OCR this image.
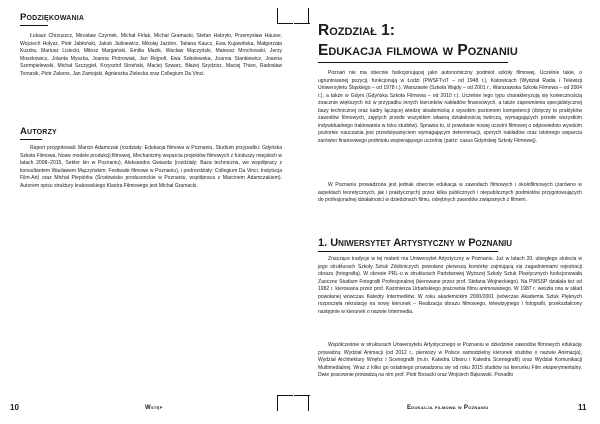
Podziękowania

Łukasz Chrzuszcz, Mirosław Czyrnek, Michał Firlak, Michał Gramacki, Stefan Habryło, Przemysław Häuser, Wojciech Hołysz, Piotr Jabłoński, Jakub Jaśkiewicz, Mikołaj Jazdon, Tatiana Kaucz, Ewa Kujawińska, Małgorzata Kuzdra, Mariusz Lisiecki, Miłosz Margański, Emilia Mazik, Wacław Mączyński, Mateusz Mrochowski, Jerzy Moszkowicz, Jolanta Myszka, Joanna Piotrowiak, Jan Rejpolt, Ewa Sobolewska, Joanna Stankiewicz, Joanna Szempielewski, Michał Szczygieł, Krzysztof Stroiński, Maciej Szwarc, Błażej Szydzisz, Maciej Thien, Radosław Tomasik, Piotr Zakens, Jan Zamojski, Agnieszka Zielecka oraz Collegium Da Vinci.

Autorzy

Raport przygotowali: Marcin Adamczak (rozdziały: Edukacja filmowa w Poznaniu, Studium przypadku: Gdyńska Szkoła Filmowa, Nowe modele produkcji filmowej, Mechanizmy wsparcia projektów filmowych z funduszy miejskich w latach 2008–2015, Sektor kin w Poznaniu), Aleksandra Gwiazda (rozdziały: Baza techniczna, we współpracy z konsultantem Wacławem Mączyńskim; Festiwale filmowe w Poznaniu), i podrozdziały: Collegium Da Vinci, Instytucja Film-Art) oraz Michał Piepiórka (Środowisko producenckie w Poznaniu, współpraca z Marcinem Adamczakiem). Autorem opisu struktury krakowskiego Klastra Filmowego jest Michał Gramacki.

10	Wstęp
Rozdział 1:
Edukacja filmowa w Poznaniu

Poznań nie ma obecnie funkcjonującej jako autonomiczny podmiot szkoły filmowej. Uczelnie takie, o ugruntowanej pozycji, funkcjonują w Łodzi (PWSFTviT – od 1948 r.), Katowicach (Wydział Radia i Telewizji Uniwersytetu Śląskiego – od 1978 r.), Warszawie (Szkoła Wajdy – od 2001 r., Warszawska Szkoła Filmowa – od 2004 r.), a także w Gdyni (Gdyńska Szkoła Filmowa – od 2010 r.). Uczelnie tego typu charakteryzują się koniecznością znacznie większych niż w przypadku innych kierunków nakładów finansowych, a także zapewnienia specjalistycznej bazy technicznej oraz kadry łączącej wiedzę akademicką z wysokim poziomem kompetencji (dotyczy to praktyków zawodów filmowych, zajętych przede wszystkim własną działalnością twórczą, wymagających przede wszystkim indywidualnego traktowania w toku studiów). Sprawia to, iż powołanie nowej uczelni filmowej o odpowiednio wysokim poziomie nauczania jest przedsięwzięciem wymagającym determinacji, sporych nakładów oraz istotnego wsparcia zarówno finansowego podmiotu wspierającego uczelnię (patrz: casus Gdyńskiej Szkoły Filmowej).

W Poznaniu prowadzona jest jednak obecnie edukacja w zawodach filmowych i okołofilmowych (zarówno w aspektach teoretycznych, jak i praktycznych) przez kilka publicznych i niepublicznych podmiotów przygotowujących do profesjonalnej działalności w dziedzinach filmu, odrębnych zawodów związanych z filmem.

1. Uniwersytet Artystyczny w Poznaniu

Znaczące tradycje w tej materii ma Uniwersytet Artystyczny w Poznaniu. Już w latach 20. ubiegłego stulecia w jego strukturach Szkoły Sztuk Zdobniczych powołano pierwszą komórkę zajmującą się zagadnieniami rejestracji obrazu (fotografią). W okresie PRL-u w strukturach Państwowej Wyższej Szkoły Sztuk Plastycznych funkcjonowała Zaoczne Studium Fotografii Profesjonalnej (kierowane przez prof. Stefana Wojneckiego). Na PWSSP działała też od 1982 r. kierowana przez prof. Kazimierza Urbańskiego pracownia filmu animowanego. W 1987 r. wesżła ona w skład powołanej wówczas Katedry Intermediów. W roku akademickim 2000/2001 (wówczas Akademia Sztuk Pięknych rozpoczęła rekrutację na nowy kierunek – Realizacja obrazu filmowego, telewizyjnego i fotografii, przekształcony następnie w kierunek o nazwie Intermedia.

Współcześnie w strukturach Uniwersytetu Artystycznego w Poznaniu w dziedzinie zawodów filmowych edukację prowadzą: Wydział Animacji (od 2012 r., pierwszy w Polsce samodzielny kierunek studiów o nazwie Animacja), Wydział Architektury Wnętrz i Scenografii (m.in. Katedra Ubioru i Katedra Scenografii) oraz Wydział Komunikacji Multimedialnej. Wraz z kilko go ostatniego prowadzona się od roku 2015 studiów na kierunku Film eksperymentalny. Dwie pracownie prowadzą na nim prof. Piotr Bosacki oraz Wojciech Bąkowski. Ponadto

Edukacja filmowa w Poznaniu	11
